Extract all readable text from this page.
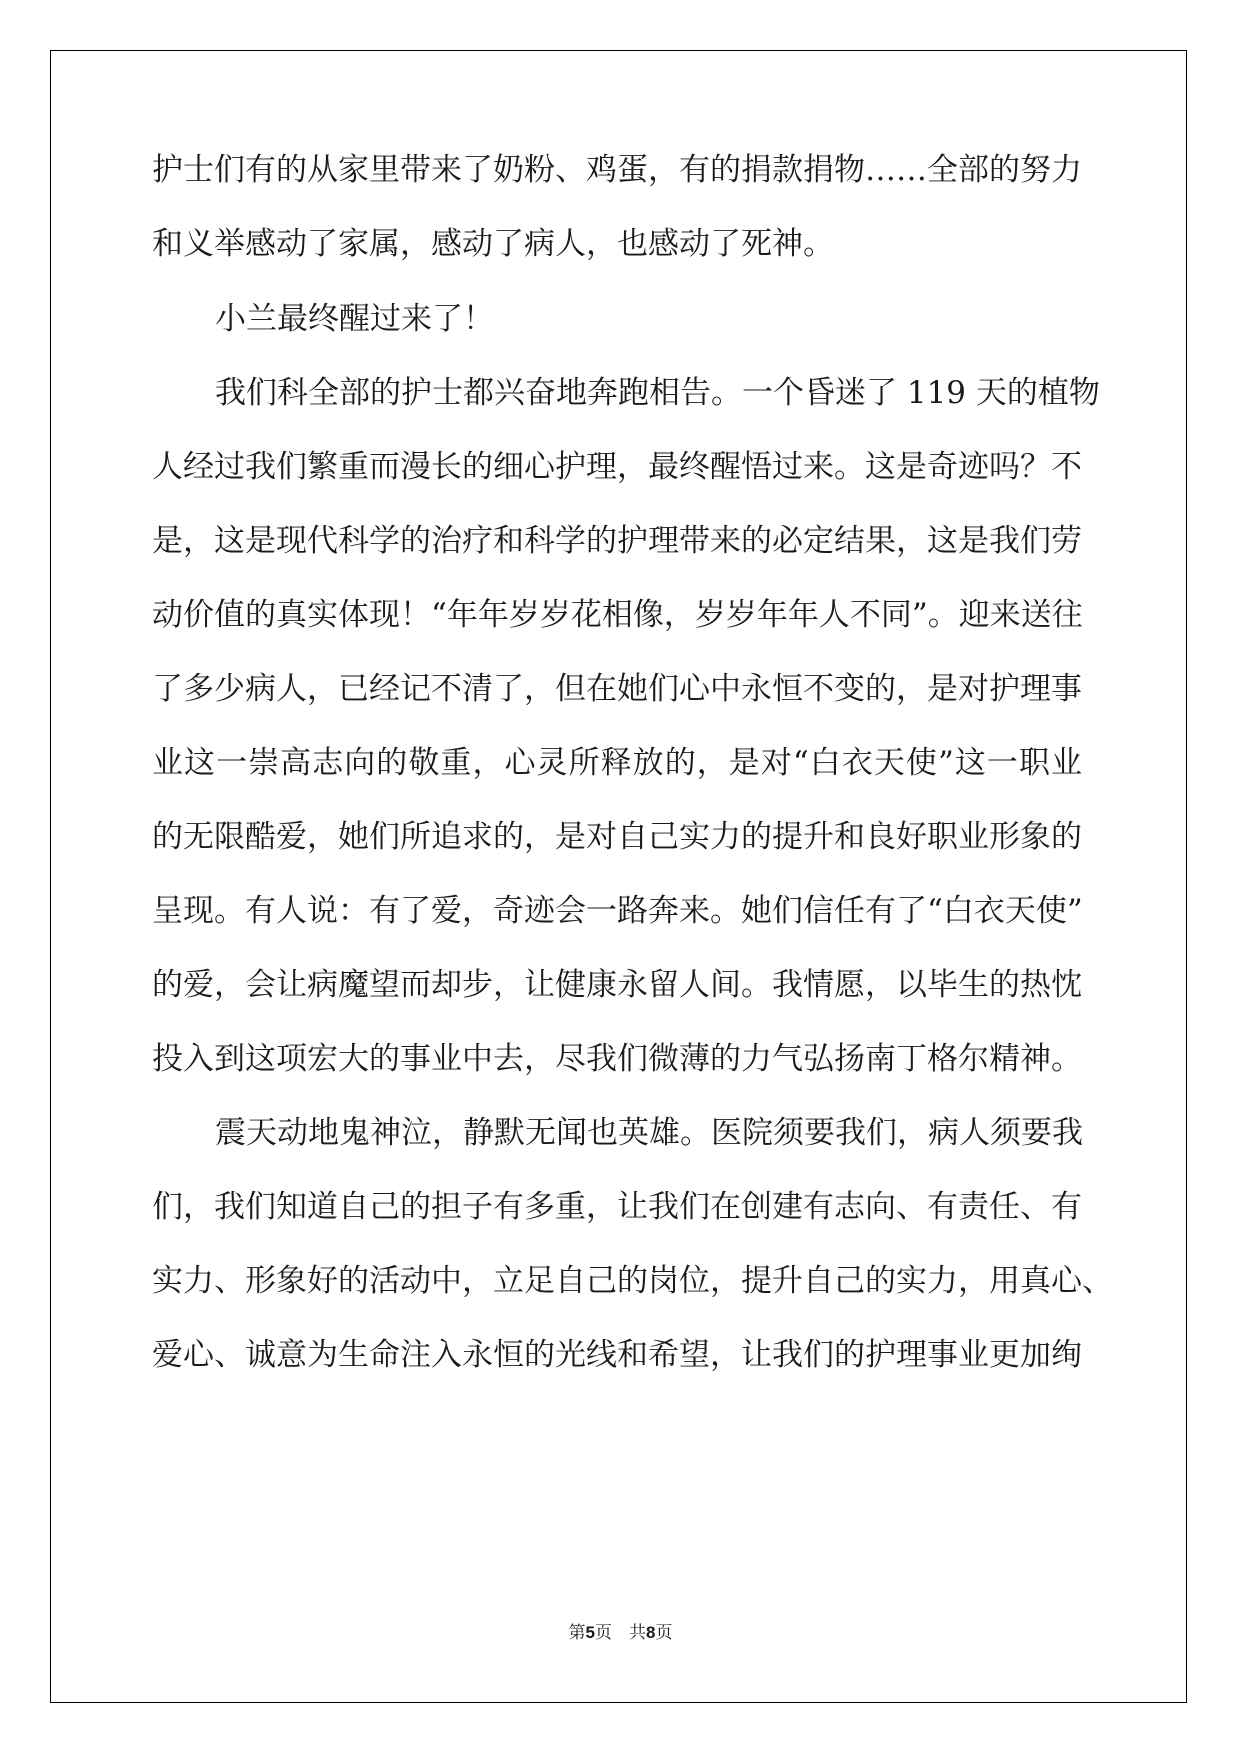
护士们有的从家里带来了奶粉、鸡蛋，有的捐款捐物……全部的努力
和义举感动了家属，感动了病人，也感动了死神。
小兰最终醒过来了！
我们科全部的护士都兴奋地奔跑相告。一个昏迷了 119 天的植物
人经过我们繁重而漫长的细心护理，最终醒悟过来。这是奇迹吗？不
是，这是现代科学的治疗和科学的护理带来的必定结果，这是我们劳
动价值的真实体现！“年年岁岁花相像，岁岁年年人不同”。迎来送往
了多少病人，已经记不清了，但在她们心中永恒不变的，是对护理事
业这一崇高志向的敬重，心灵所释放的，是对“白衣天使”这一职业
的无限酷爱，她们所追求的，是对自己实力的提升和良好职业形象的
呈现。有人说：有了爱，奇迹会一路奔来。她们信任有了“白衣天使”
的爱，会让病魔望而却步，让健康永留人间。我情愿，以毕生的热忱
投入到这项宏大的事业中去，尽我们微薄的力气弘扬南丁格尔精神。
震天动地鬼神泣，静默无闻也英雄。医院须要我们，病人须要我
们，我们知道自己的担子有多重，让我们在创建有志向、有责任、有
实力、形象好的活动中，立足自己的岗位，提升自己的实力，用真心、
爱心、诚意为生命注入永恒的光线和希望，让我们的护理事业更加绚
第5页　共8页
